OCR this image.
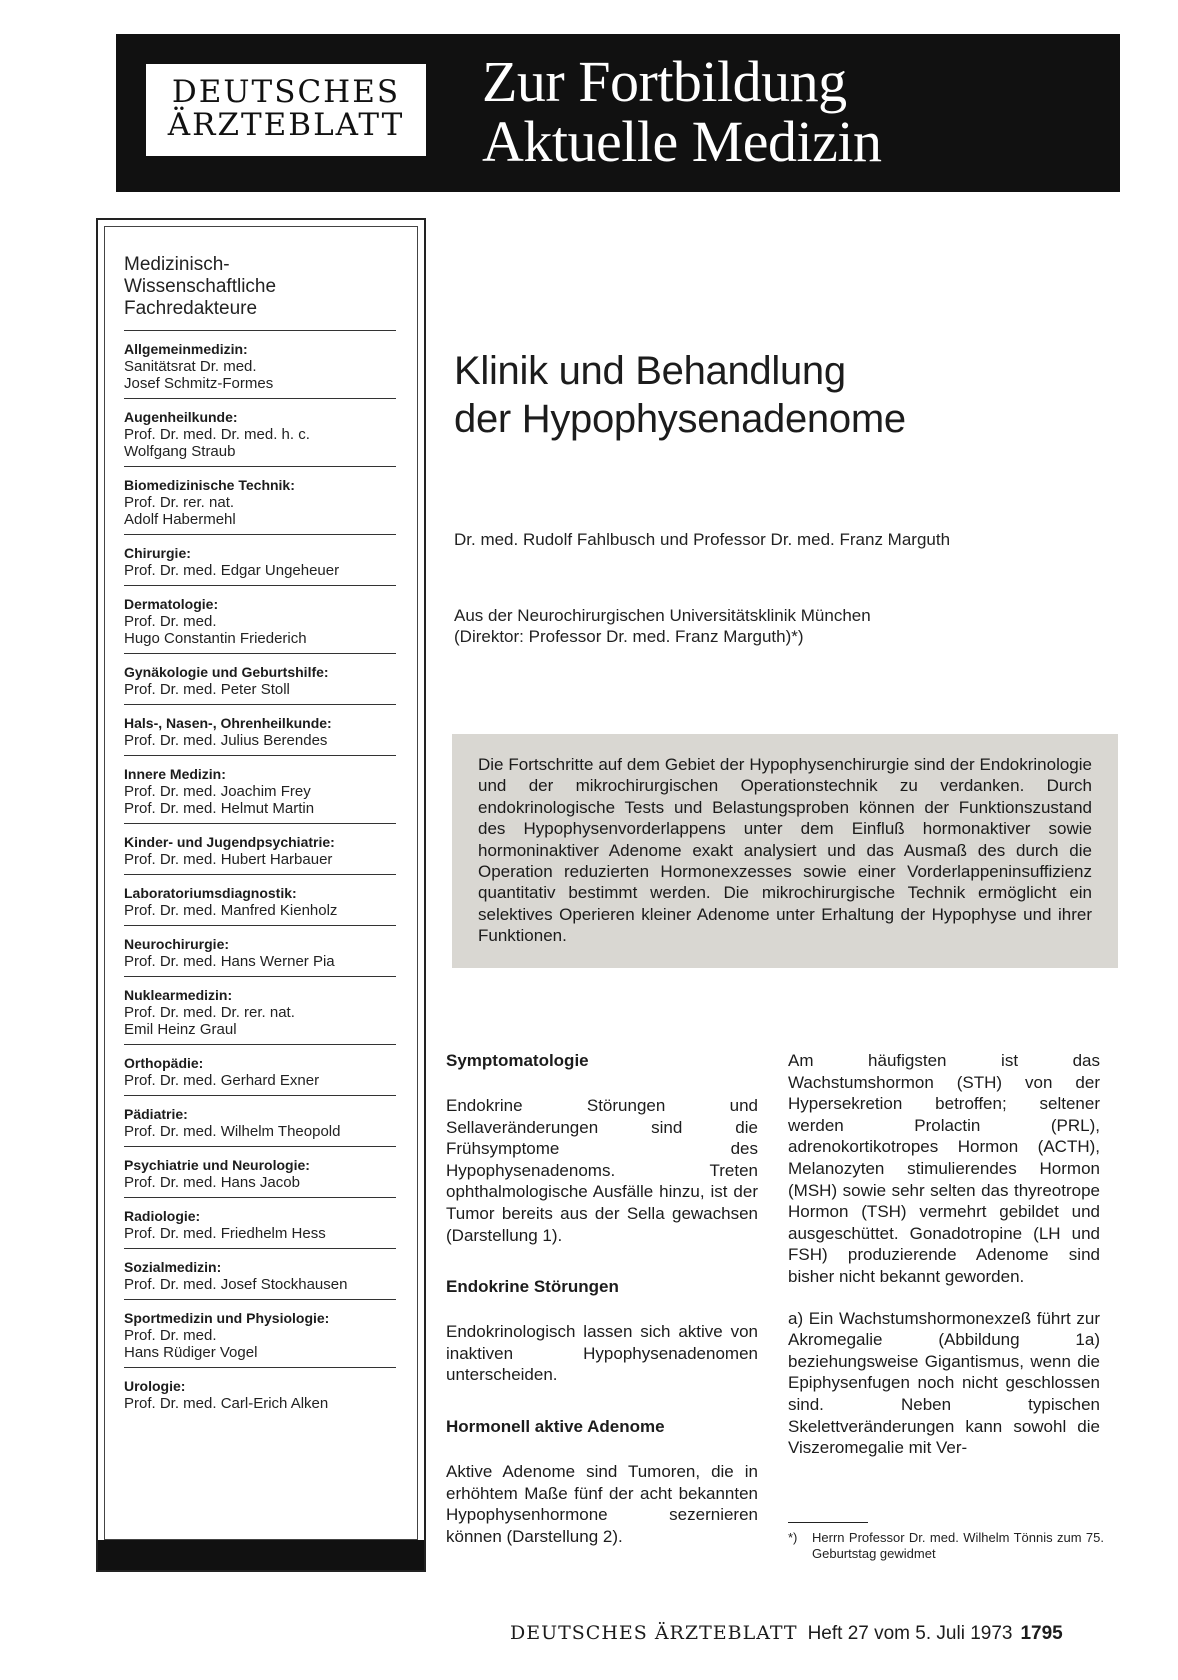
DEUTSCHES
ÄRZTEBLATT
Zur Fortbildung
Aktuelle Medizin
Medizinisch-
Wissenschaftliche
Fachredakteure
Allgemeinmedizin:
Sanitätsrat Dr. med.
Josef Schmitz-Formes
Augenheilkunde:
Prof. Dr. med. Dr. med. h. c.
Wolfgang Straub
Biomedizinische Technik:
Prof. Dr. rer. nat.
Adolf Habermehl
Chirurgie:
Prof. Dr. med. Edgar Ungeheuer
Dermatologie:
Prof. Dr. med.
Hugo Constantin Friederich
Gynäkologie und Geburtshilfe:
Prof. Dr. med. Peter Stoll
Hals-, Nasen-, Ohrenheilkunde:
Prof. Dr. med. Julius Berendes
Innere Medizin:
Prof. Dr. med. Joachim Frey
Prof. Dr. med. Helmut Martin
Kinder- und Jugendpsychiatrie:
Prof. Dr. med. Hubert Harbauer
Laboratoriumsdiagnostik:
Prof. Dr. med. Manfred Kienholz
Neurochirurgie:
Prof. Dr. med. Hans Werner Pia
Nuklearmedizin:
Prof. Dr. med. Dr. rer. nat.
Emil Heinz Graul
Orthopädie:
Prof. Dr. med. Gerhard Exner
Pädiatrie:
Prof. Dr. med. Wilhelm Theopold
Psychiatrie und Neurologie:
Prof. Dr. med. Hans Jacob
Radiologie:
Prof. Dr. med. Friedhelm Hess
Sozialmedizin:
Prof. Dr. med. Josef Stockhausen
Sportmedizin und Physiologie:
Prof. Dr. med.
Hans Rüdiger Vogel
Urologie:
Prof. Dr. med. Carl-Erich Alken
Klinik und Behandlung
der Hypophysenadenome
Dr. med. Rudolf Fahlbusch und Professor Dr. med. Franz Marguth
Aus der Neurochirurgischen Universitätsklinik München
(Direktor: Professor Dr. med. Franz Marguth)*)
Die Fortschritte auf dem Gebiet der Hypophysenchirurgie sind der Endokrinologie und der mikrochirurgischen Operationstechnik zu verdanken. Durch endokrinologische Tests und Belastungsproben können der Funktionszustand des Hypophysenvorderlappens unter dem Einfluß hormonaktiver sowie hormoninaktiver Adenome exakt analysiert und das Ausmaß des durch die Operation reduzierten Hormonexzesses sowie einer Vorderlappeninsuffizienz quantitativ bestimmt werden. Die mikrochirurgische Technik ermöglicht ein selektives Operieren kleiner Adenome unter Erhaltung der Hypophyse und ihrer Funktionen.

Symptomatologie

Endokrine Störungen und Sellaveränderungen sind die Frühsymptome des Hypophysenadenoms. Treten ophthalmologische Ausfälle hinzu, ist der Tumor bereits aus der Sella gewachsen (Darstellung 1).

Endokrine Störungen

Endokrinologisch lassen sich aktive von inaktiven Hypophysenadenomen unterscheiden.

Hormonell aktive Adenome

Aktive Adenome sind Tumoren, die in erhöhtem Maße fünf der acht bekannten Hypophysenhormone sezernieren können (Darstellung 2).

Am häufigsten ist das Wachstumshormon (STH) von der Hypersekretion betroffen; seltener werden Prolactin (PRL), adrenokortikotropes Hormon (ACTH), Melanozyten stimulierendes Hormon (MSH) sowie sehr selten das thyreotrope Hormon (TSH) vermehrt gebildet und ausgeschüttet. Gonadotropine (LH und FSH) produzierende Adenome sind bisher nicht bekannt geworden.

a) Ein Wachstumshormonexzeß führt zur Akromegalie (Abbildung 1a) beziehungsweise Gigantismus, wenn die Epiphysenfugen noch nicht geschlossen sind. Neben typischen Skelettveränderungen kann sowohl die Viszeromegalie mit Ver-

*) Herrn Professor Dr. med. Wilhelm Tönnis zum 75. Geburtstag gewidmet
DEUTSCHES ÄRZTEBLATT Heft 27 vom 5. Juli 1973 1795
